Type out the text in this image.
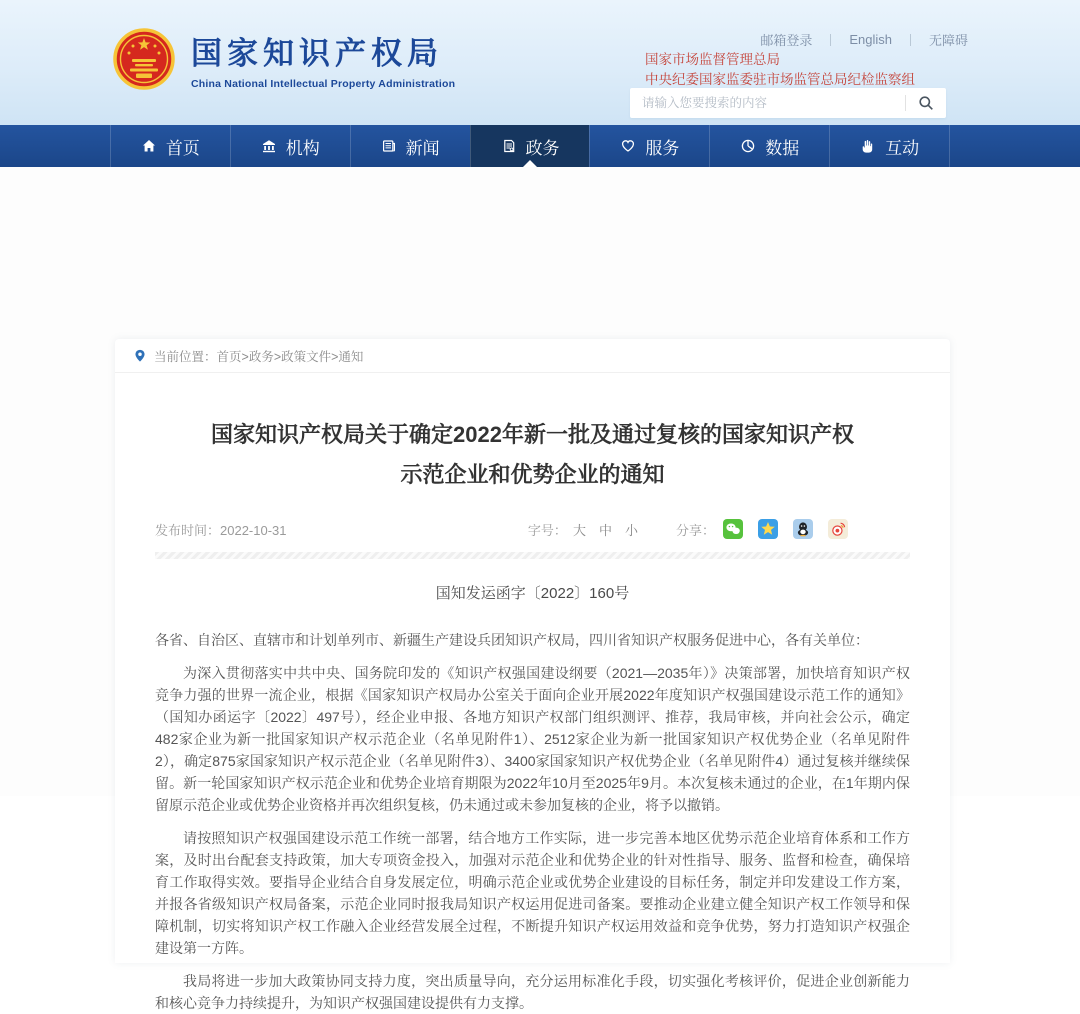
国家知识产权局
China National Intellectual Property Administration
邮箱登录	English	无障碍
国家市场监督管理总局
中央纪委国家监委驻市场监管总局纪检监察组
请输入您要搜索的内容
首页	机构	新闻	政务	服务	数据	互动
当前位置： 首页>政务>政策文件>通知
国家知识产权局关于确定2022年新一批及通过复核的国家知识产权示范企业和优势企业的通知
发布时间：2022-10-31	字号： 大 中 小	分享：
国知发运函字〔2022〕160号

各省、自治区、直辖市和计划单列市、新疆生产建设兵团知识产权局，四川省知识产权服务促进中心，各有关单位：

为深入贯彻落实中共中央、国务院印发的《知识产权强国建设纲要（2021—2035年）》决策部署，加快培育知识产权竞争力强的世界一流企业，根据《国家知识产权局办公室关于面向企业开展2022年度知识产权强国建设示范工作的通知》（国知办函运字〔2022〕497号），经企业申报、各地方知识产权部门组织测评、推荐，我局审核，并向社会公示，确定482家企业为新一批国家知识产权示范企业（名单见附件1）、2512家企业为新一批国家知识产权优势企业（名单见附件2），确定875家国家知识产权示范企业（名单见附件3）、3400家国家知识产权优势企业（名单见附件4）通过复核并继续保留。新一轮国家知识产权示范企业和优势企业培育期限为2022年10月至2025年9月。本次复核未通过的企业，在1年期内保留原示范企业或优势企业资格并再次组织复核，仍未通过或未参加复核的企业，将予以撤销。

请按照知识产权强国建设示范工作统一部署，结合地方工作实际，进一步完善本地区优势示范企业培育体系和工作方案，及时出台配套支持政策，加大专项资金投入，加强对示范企业和优势企业的针对性指导、服务、监督和检查，确保培育工作取得实效。要指导企业结合自身发展定位，明确示范企业或优势企业建设的目标任务，制定并印发建设工作方案，并报各省级知识产权局备案，示范企业同时报我局知识产权运用促进司备案。要推动企业建立健全知识产权工作领导和保障机制，切实将知识产权工作融入企业经营发展全过程，不断提升知识产权运用效益和竞争优势，努力打造知识产权强企建设第一方阵。

我局将进一步加大政策协同支持力度，突出质量导向，充分运用标准化手段，切实强化考核评价，促进企业创新能力和核心竞争力持续提升，为知识产权强国建设提供有力支撑。
